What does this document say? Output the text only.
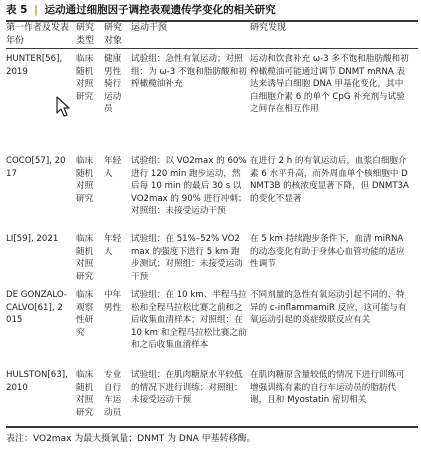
表 5 | 运动通过细胞因子调控表观遗传学变化的相关研究
第一作者及发表年份
研究类型
研究对象
运动干预	研究发现
HUNTER[56], 2019
临床随机对照研究
健康男性骑行运动员
试验组：急性有氧运动；对照组：为 ω-3 不饱和脂肪酸和初榨橄榄油补充
运动和饮食补充 ω-3 多不饱和脂肪酸和初榨橄榄油可能通过调节 DNMT mRNA 表达来诱导白细胞 DNA 甲基化变化，其中白细胞介素 6 的单个 CpG 补充剂与试验之间存在相互作用
COCO[57], 2017
临床随机对照研究
年轻人
试验组：以 VO2max 的 60% 进行 120 min 跑步运动，然后每 10 min 的最后 30 s 以 VO2max 的 90% 进行冲刺；对照组：未接受运动干预
在进行 2 h 的有氧运动后，血浆白细胞介素 6 水平升高，而外周血单个核细胞中 DNMT3B 的核浓度显著下降，但 DNMT3A 的变化不显著
LI[59], 2021	临床随机对照研究
年轻人
试验组：在 51%–52% VO2max 的强度下进行 5 km 跑步测试；对照组：未接受运动干预
在 5 km 持续跑步条件下，血清 miRNA 的动态变化有助于身体心血管功能的适应性调节
DE GONZALO-CALVO[61], 2015
临床观察性研究
中年男性
试验组：在 10 km、半程马拉松和全程马拉松比赛之前和之后收集血清样本；对照组：在 10 km 和全程马拉松比赛之前和之后收集血清样本
不同剂量的急性有氧运动引起不同的、特异的 c-inflammamiR 反应，这可能与有氧运动引起的炎症级联反应有关
HULSTON[63], 2010
临床随机对照研究
专业自行车运动员
试验组：在肌肉糖原水平较低的情况下进行训练；对照组：未接受运动干预
在肌肉糖原含量较低的情况下进行训练可增强训练有素的自行车运动员的脂肪代谢，且和 Myostatin 密切相关
表注：VO2max 为最大摄氧量；DNMT 为 DNA 甲基转移酶。
